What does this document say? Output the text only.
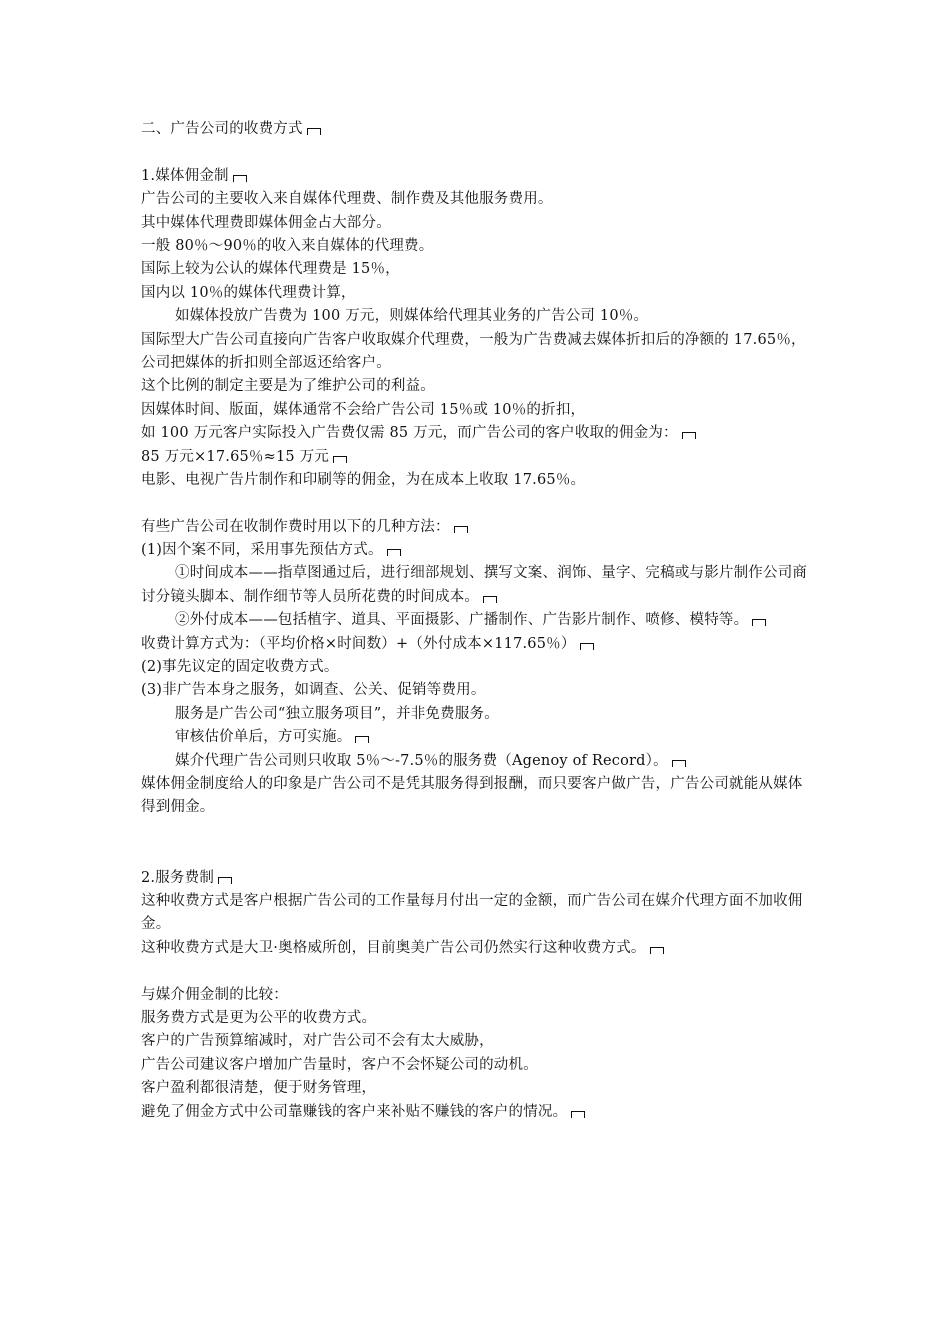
二、广告公司的收费方式
1.媒体佣金制
广告公司的主要收入来自媒体代理费、制作费及其他服务费用。
其中媒体代理费即媒体佣金占大部分。
一般 80％～90％的收入来自媒体的代理费。
国际上较为公认的媒体代理费是 15％，
国内以 10％的媒体代理费计算，
如媒体投放广告费为 100 万元，则媒体给代理其业务的广告公司 10％。
国际型大广告公司直接向广告客户收取媒介代理费，一般为广告费减去媒体折扣后的净额的 17.65％，公司把媒体的折扣则全部返还给客户。
这个比例的制定主要是为了维护公司的利益。
因媒体时间、版面，媒体通常不会给广告公司 15％或 10％的折扣，
如 100 万元客户实际投入广告费仅需 85 万元，而广告公司的客户收取的佣金为：
85 万元×17.65％≈15 万元
电影、电视广告片制作和印刷等的佣金，为在成本上收取 17.65％。
有些广告公司在收制作费时用以下的几种方法：
(1)因个案不同，采用事先预估方式。
①时间成本——指草图通过后，进行细部规划、撰写文案、润饰、量字、完稿或与影片制作公司商讨分镜头脚本、制作细节等人员所花费的时间成本。
②外付成本——包括植字、道具、平面摄影、广播制作、广告影片制作、喷修、模特等。
收费计算方式为：（平均价格×时间数）+（外付成本×117.65％）
(2)事先议定的固定收费方式。
(3)非广告本身之服务，如调查、公关、促销等费用。
服务是广告公司“独立服务项目”，并非免费服务。
审核估价单后，方可实施。
媒介代理广告公司则只收取 5％～-7.5％的服务费（Agenoy of Record）。
媒体佣金制度给人的印象是广告公司不是凭其服务得到报酬，而只要客户做广告，广告公司就能从媒体得到佣金。
2.服务费制
这种收费方式是客户根据广告公司的工作量每月付出一定的金额，而广告公司在媒介代理方面不加收佣金。
这种收费方式是大卫·奥格威所创，目前奥美广告公司仍然实行这种收费方式。
与媒介佣金制的比较：
服务费方式是更为公平的收费方式。
客户的广告预算缩减时，对广告公司不会有太大威胁，
广告公司建议客户增加广告量时，客户不会怀疑公司的动机。
客户盈利都很清楚，便于财务管理，
避免了佣金方式中公司靠赚钱的客户来补贴不赚钱的客户的情况。
